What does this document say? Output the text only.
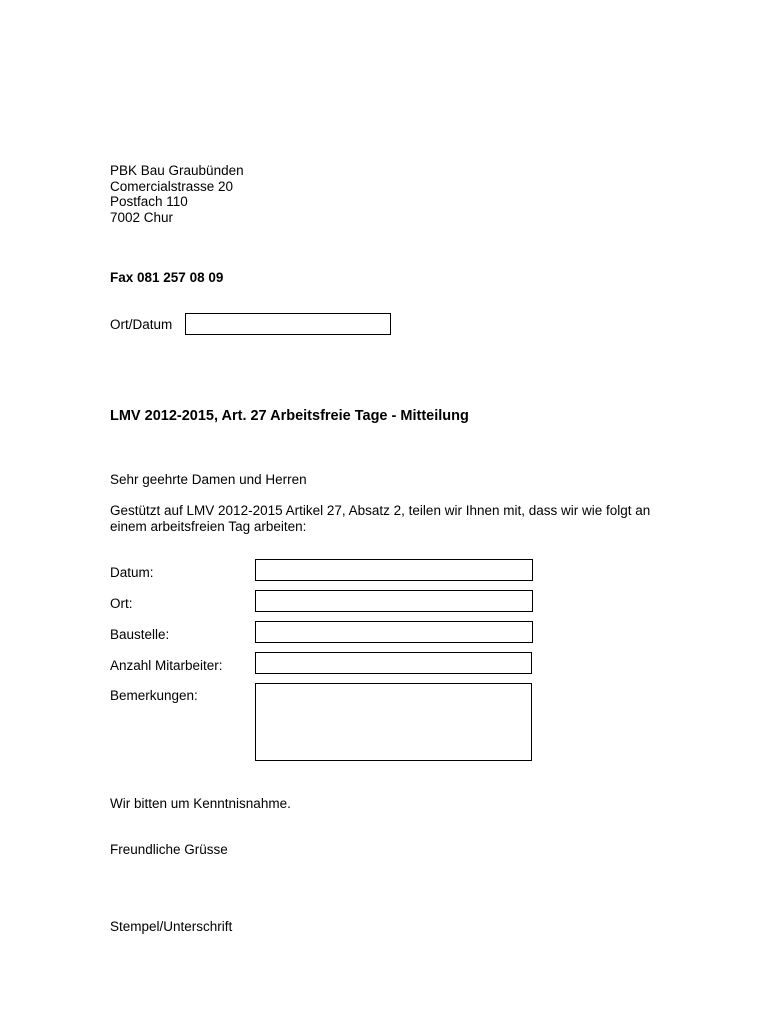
PBK Bau Graubünden
Comercialstrasse 20
Postfach 110
7002 Chur
Fax 081 257 08 09
Ort/Datum
LMV 2012-2015, Art. 27 Arbeitsfreie Tage - Mitteilung
Sehr geehrte Damen und Herren
Gestützt auf LMV 2012-2015 Artikel 27, Absatz 2, teilen wir Ihnen mit, dass wir wie folgt an einem arbeitsfreien Tag arbeiten:
Datum:
Ort:
Baustelle:
Anzahl Mitarbeiter:
Bemerkungen:
Wir bitten um Kenntnisnahme.
Freundliche Grüsse
Stempel/Unterschrift
